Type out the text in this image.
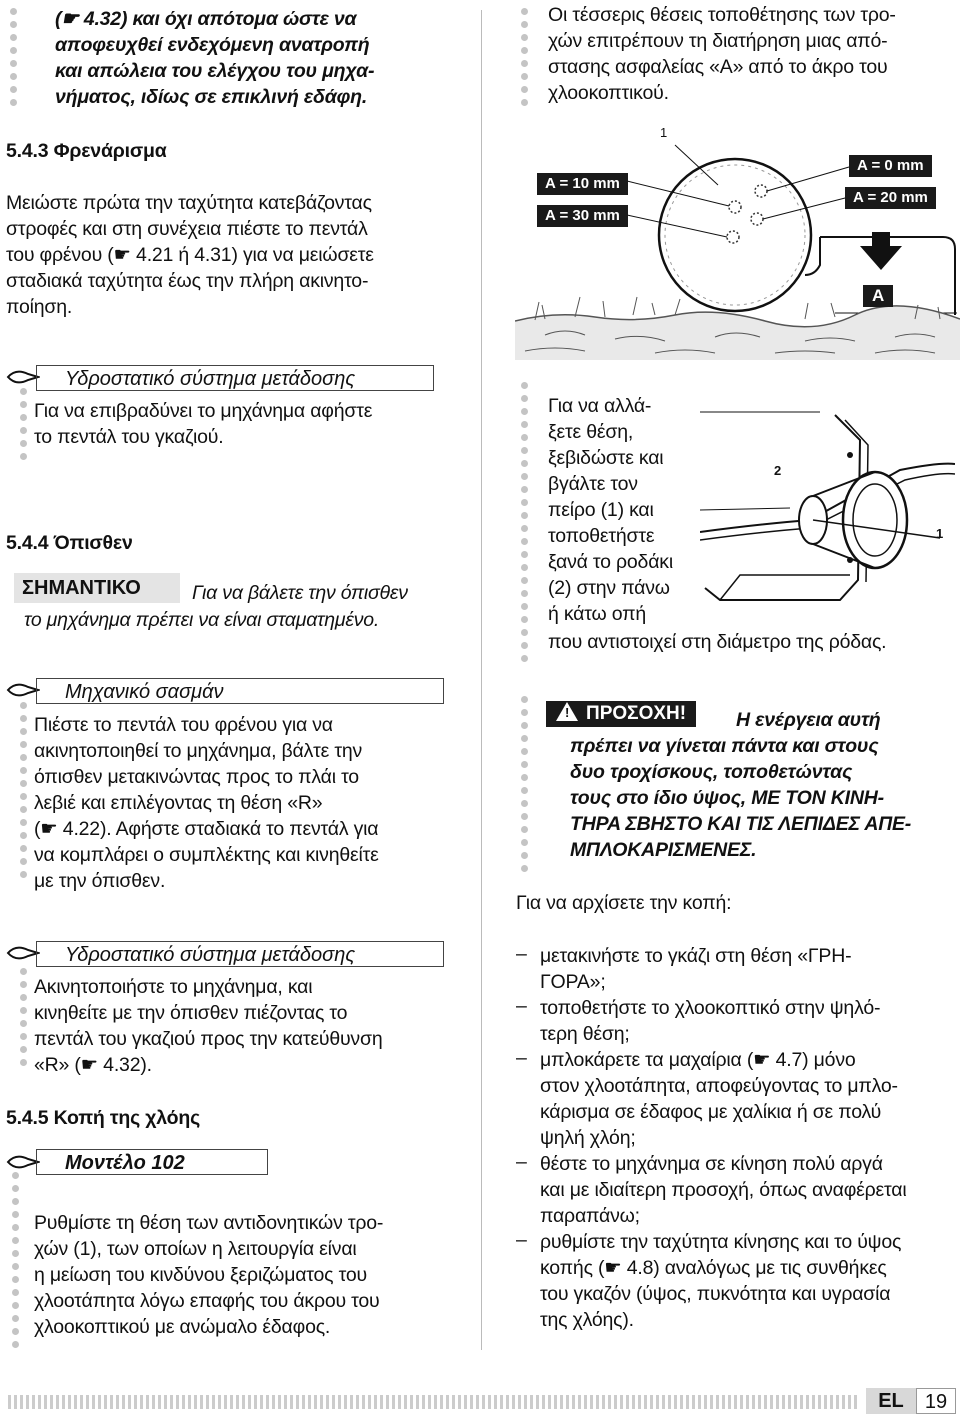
(☛ 4.32) και όχι απότομα ώστε να
αποφευχθεί ενδεχόμενη ανατροπή
και απώλεια του ελέγχου του μηχα-
νήματος, ιδίως σε επικλινή εδάφη.
5.4.3 Φρενάρισμα
Μειώστε πρώτα την ταχύτητα κατεβάζοντας
στροφές και στη συνέχεια πιέστε το πεντάλ
του φρένου (☛ 4.21 ή 4.31) για να μειώσετε
σταδιακά ταχύτητα έως την πλήρη ακινητο-
ποίηση.
Υδροστατικό σύστημα μετάδοσης
Για να επιβραδύνει το μηχάνημα αφήστε
το πεντάλ του γκαζιού.
5.4.4 Όπισθεν
ΣΗΜΑΝΤΙΚΟ	Για να βάλετε την όπισθεν
το μηχάνημα πρέπει να είναι σταματημένο.
Μηχανικό σασμάν
Πιέστε το πεντάλ του φρένου για να
ακινητοποιηθεί το μηχάνημα, βάλτε την
όπισθεν μετακινώντας προς το πλάι το
λεβιέ και επιλέγοντας τη θέση «R»
(☛ 4.22). Αφήστε σταδιακά το πεντάλ για
να κομπλάρει ο συμπλέκτης και κινηθείτε
με την όπισθεν.
Υδροστατικό σύστημα μετάδοσης
Ακινητοποιήστε το μηχάνημα, και
κινηθείτε με την όπισθεν πιέζοντας το
πεντάλ του γκαζιού προς την κατεύθυνση
«R» (☛ 4.32).
5.4.5 Κοπή της χλόης
Μοντέλο 102
Ρυθμίστε τη θέση των αντιδονητικών τρο-
χών (1), των οποίων η λειτουργία είναι
η μείωση του κινδύνου ξεριζώματος του
χλοοτάπητα λόγω επαφής του άκρου του
χλοοκοπτικού με ανώμαλο έδαφος.
Οι τέσσερις θέσεις τοποθέτησης των τρο-
χών επιτρέπουν τη διατήρηση μιας από-
στασης ασφαλείας «A» από το άκρο του
χλοοκοπτικού.
1
A = 10 mm
A = 30 mm
A = 0 mm
A = 20 mm
A
Για να αλλά-
ξετε θέση,
ξεβιδώστε και
βγάλτε τον
πείρο (1) και
τοποθετήστε
ξανά το ροδάκι
(2) στην πάνω
ή κάτω οπή
που αντιστοιχεί στη διάμετρο της ρόδας.
2
1
! ΠΡΟΣΟΧΗ!	Η ενέργεια αυτή
πρέπει να γίνεται πάντα και στους
δυο τροχίσκους, τοποθετώντας
τους στο ίδιο ύψος, ΜΕ ΤΟΝ ΚΙΝΗ-
ΤΗΡΑ ΣΒΗΣΤΟ ΚΑΙ ΤΙΣ ΛΕΠΙΔΕΣ ΑΠΕ-
ΜΠΛΟΚΑΡΙΣΜΕΝΕΣ.
Για να αρχίσετε την κοπή:
– μετακινήστε το γκάζι στη θέση «ΓΡΗ-
ΓΟΡΑ»;
– τοποθετήστε το χλοοκοπτικό στην ψηλό-
τερη θέση;
– μπλοκάρετε τα μαχαίρια (☛ 4.7) μόνο
στον χλοοτάπητα, αποφεύγοντας το μπλο-
κάρισμα σε έδαφος με χαλίκια ή σε πολύ
ψηλή χλόη;
– θέστε το μηχάνημα σε κίνηση πολύ αργά
και με ιδιαίτερη προσοχή, όπως αναφέρεται
παραπάνω;
– ρυθμίστε την ταχύτητα κίνησης και το ύψος
κοπής (☛ 4.8) αναλόγως με τις συνθήκες
του γκαζόν (ύψος, πυκνότητα και υγρασία
της χλόης).
EL	19
